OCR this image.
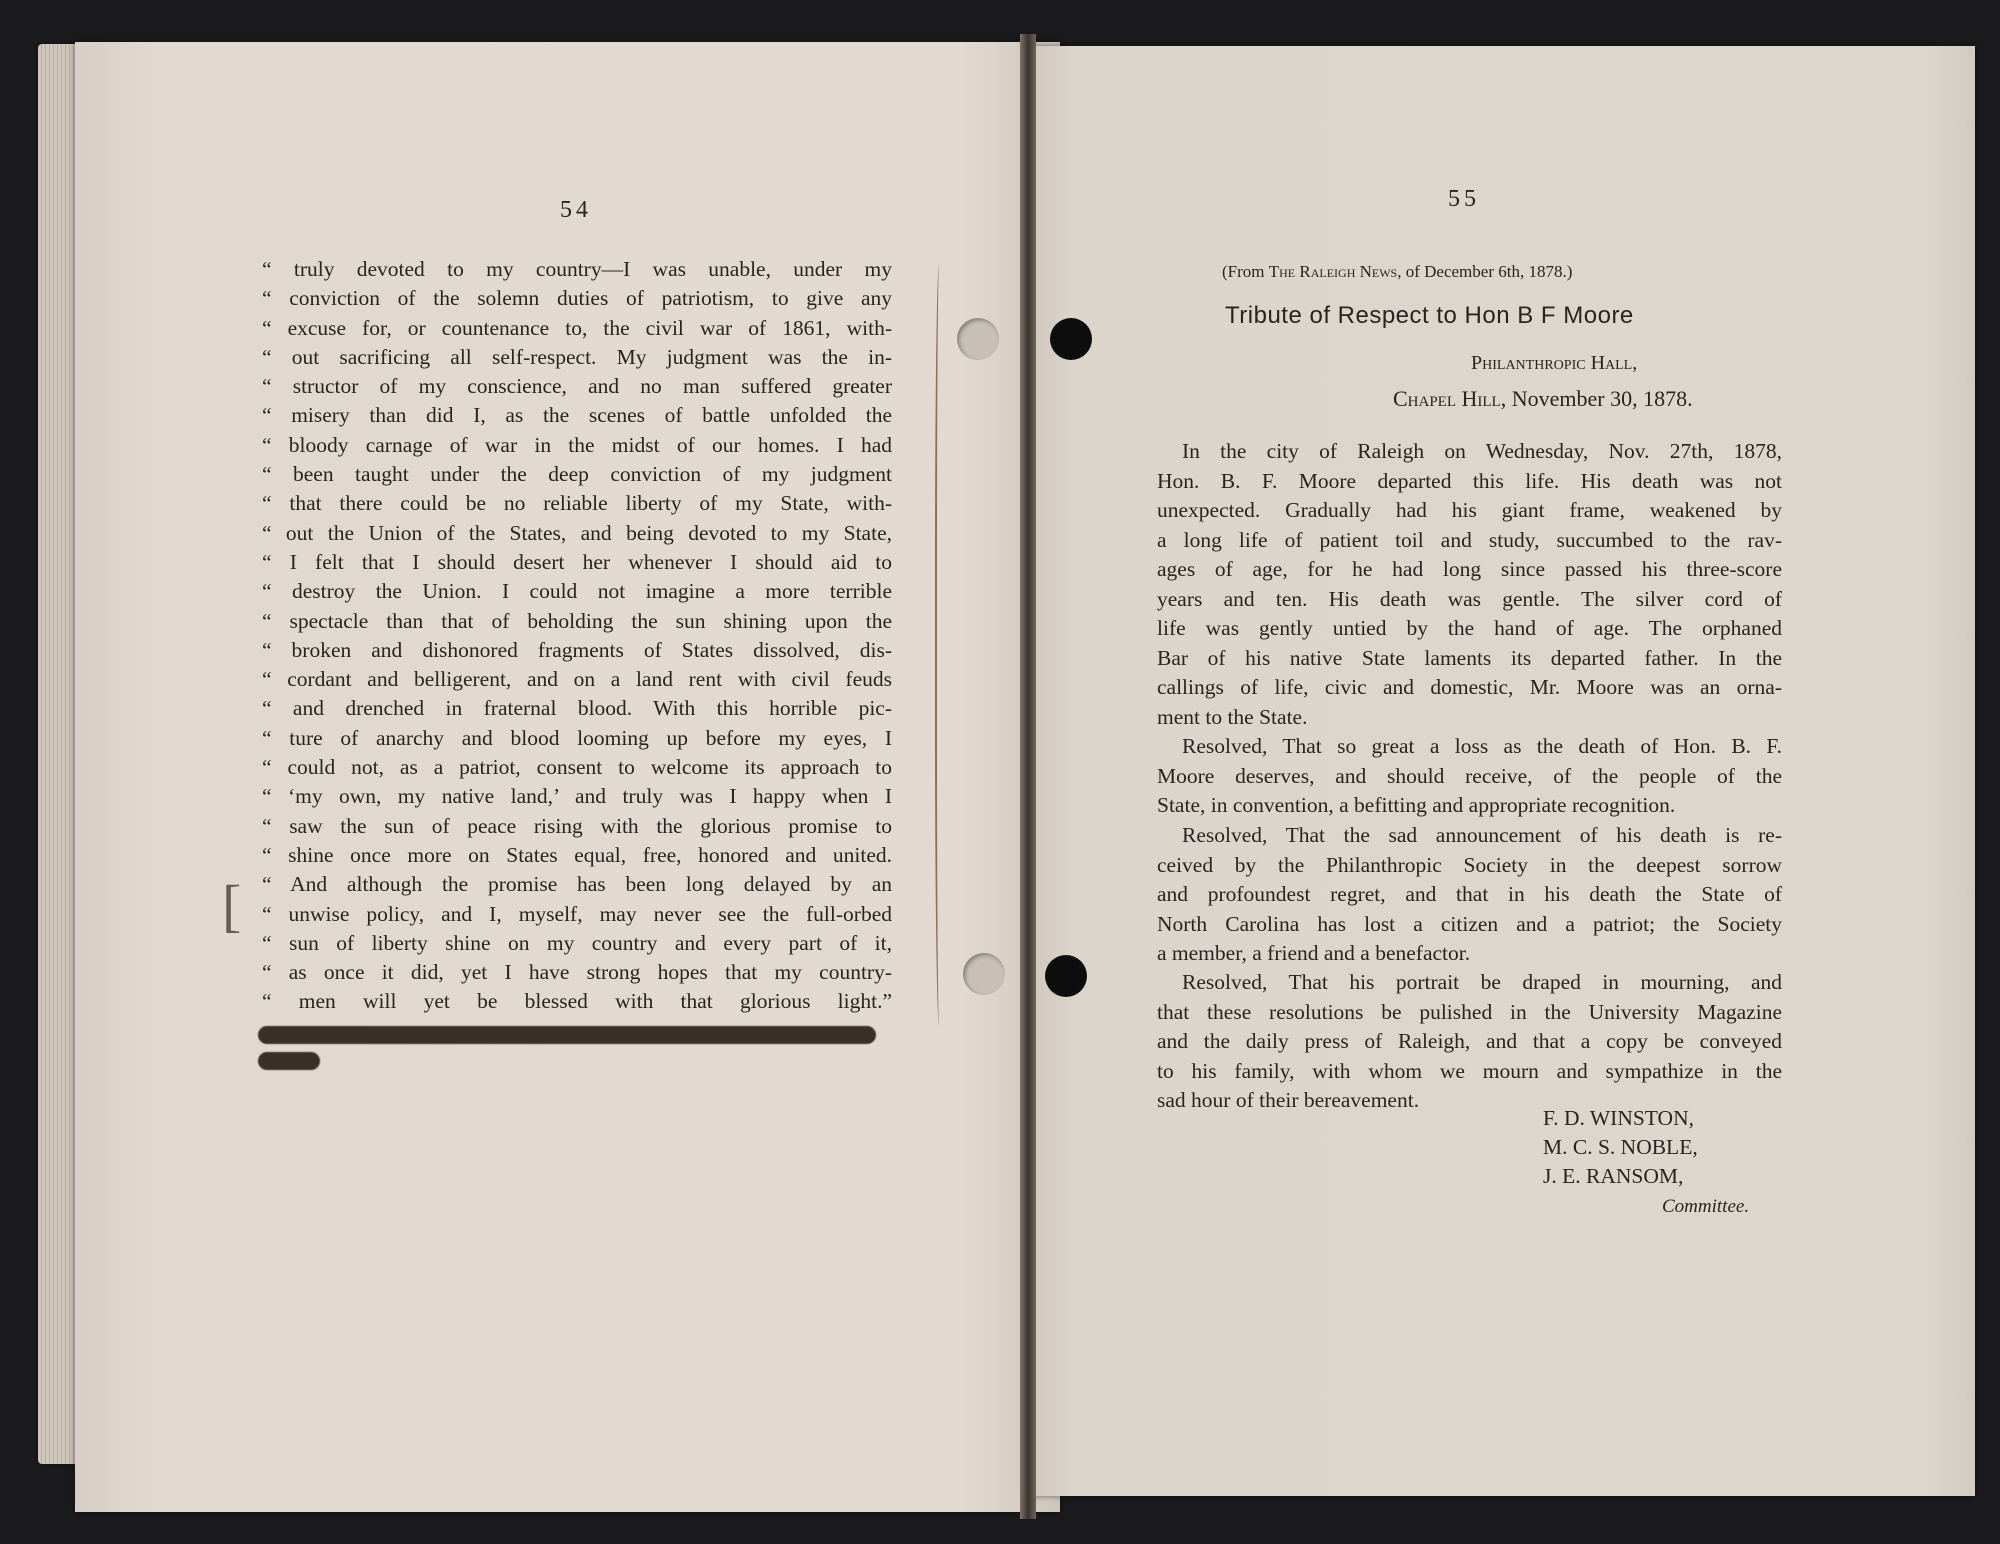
54
“ truly devoted to my country—I was unable, under my
“ conviction of the solemn duties of patriotism, to give any
“ excuse for, or countenance to, the civil war of 1861, with-
“ out sacrificing all self-respect. My judgment was the in-
“ structor of my conscience, and no man suffered greater
“ misery than did I, as the scenes of battle unfolded the
“ bloody carnage of war in the midst of our homes. I had
“ been taught under the deep conviction of my judgment
“ that there could be no reliable liberty of my State, with-
“ out the Union of the States, and being devoted to my State,
“ I felt that I should desert her whenever I should aid to
“ destroy the Union. I could not imagine a more terrible
“ spectacle than that of beholding the sun shining upon the
“ broken and dishonored fragments of States dissolved, dis-
“ cordant and belligerent, and on a land rent with civil feuds
“ and drenched in fraternal blood. With this horrible pic-
“ ture of anarchy and blood looming up before my eyes, I
“ could not, as a patriot, consent to welcome its approach to
“ ‘my own, my native land,’ and truly was I happy when I
“ saw the sun of peace rising with the glorious promise to
“ shine once more on States equal, free, honored and united.
“ And although the promise has been long delayed by an
“ unwise policy, and I, myself, may never see the full-orbed
“ sun of liberty shine on my country and every part of it,
“ as once it did, yet I have strong hopes that my country-
“ men will yet be blessed with that glorious light.”
[
55
(From The Raleigh News, of December 6th, 1878.)
Tribute of Respect to Hon B F Moore
Philanthropic Hall,
Chapel Hill, November 30, 1878.
In the city of Raleigh on Wednesday, Nov. 27th, 1878,
Hon. B. F. Moore departed this life. His death was not
unexpected. Gradually had his giant frame, weakened by
a long life of patient toil and study, succumbed to the rav-
ages of age, for he had long since passed his three-score
years and ten. His death was gentle. The silver cord of
life was gently untied by the hand of age. The orphaned
Bar of his native State laments its departed father. In the
callings of life, civic and domestic, Mr. Moore was an orna-
ment to the State.
Resolved, That so great a loss as the death of Hon. B. F.
Moore deserves, and should receive, of the people of the
State, in convention, a befitting and appropriate recognition.
Resolved, That the sad announcement of his death is re-
ceived by the Philanthropic Society in the deepest sorrow
and profoundest regret, and that in his death the State of
North Carolina has lost a citizen and a patriot; the Society
a member, a friend and a benefactor.
Resolved, That his portrait be draped in mourning, and
that these resolutions be pulished in the University Magazine
and the daily press of Raleigh, and that a copy be conveyed
to his family, with whom we mourn and sympathize in the
sad hour of their bereavement.
F. D. WINSTON,
M. C. S. NOBLE,
J. E. RANSOM,
Committee.
